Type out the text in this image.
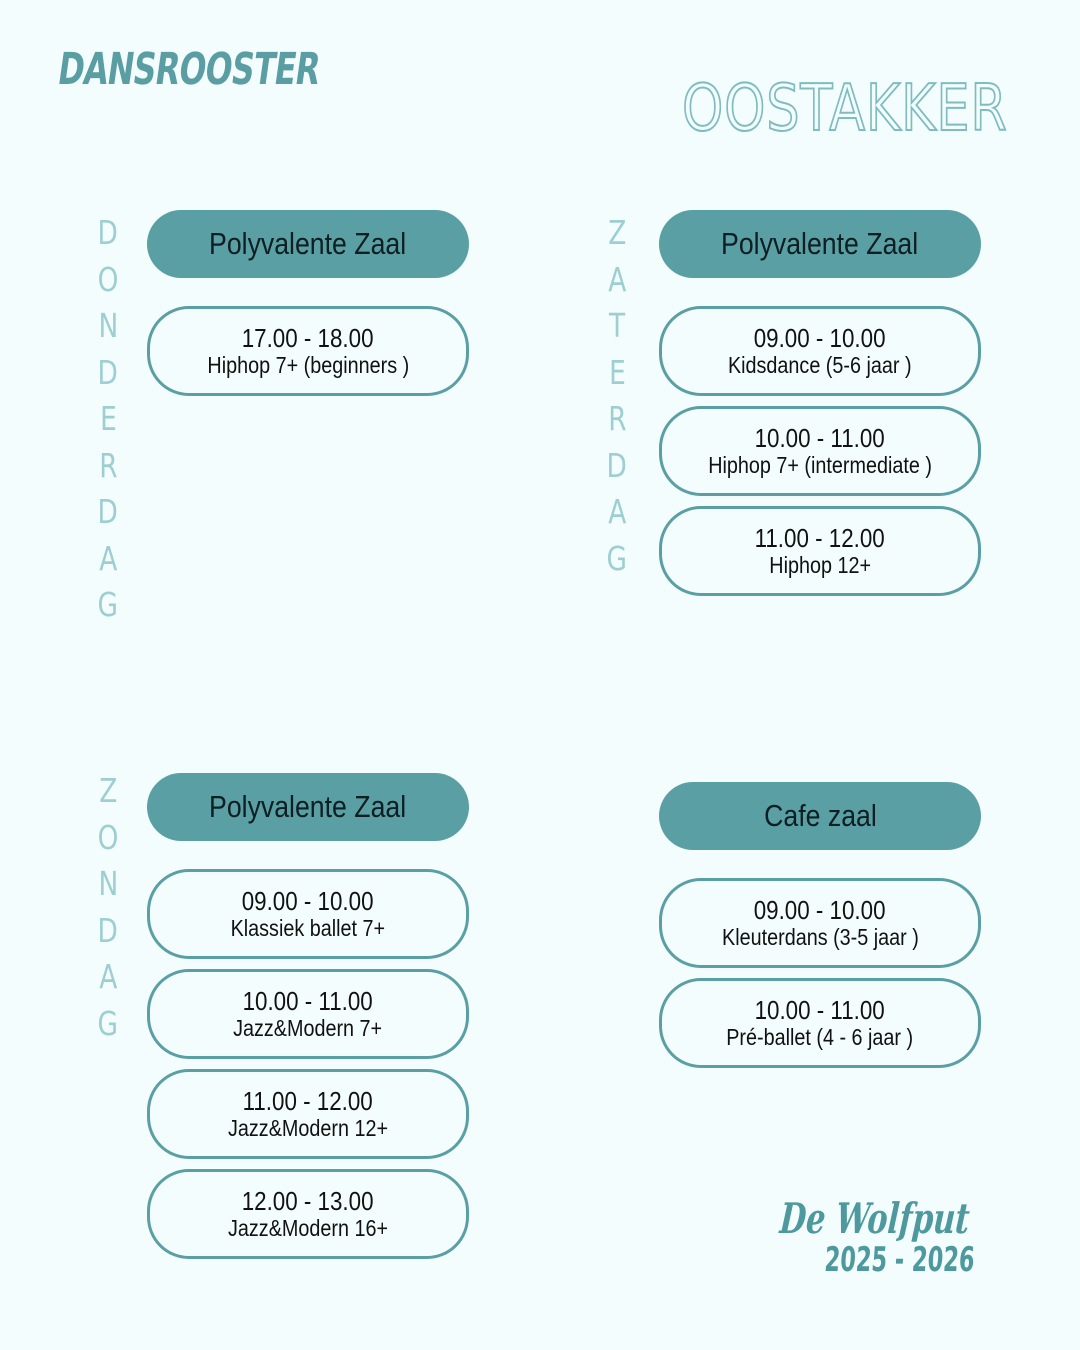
DANSROOSTER
OOSTAKKER
D
O
N
D
E
R
D
A
G
Z
A
T
E
R
D
A
G
Z
O
N
D
A
G
Polyvalente Zaal
17.00 - 18.00
Hiphop 7+ (beginners )
Polyvalente Zaal
09.00 - 10.00
Kidsdance (5-6 jaar )
10.00 - 11.00
Hiphop 7+ (intermediate )
11.00 - 12.00
Hiphop 12+
Polyvalente Zaal
09.00 - 10.00
Klassiek ballet 7+
10.00 - 11.00
Jazz&Modern 7+
11.00 - 12.00
Jazz&Modern 12+
12.00 - 13.00
Jazz&Modern 16+
Cafe zaal
09.00 - 10.00
Kleuterdans (3-5 jaar )
10.00 - 11.00
Pré-ballet (4 - 6 jaar )
De Wolfput
2025 - 2026
